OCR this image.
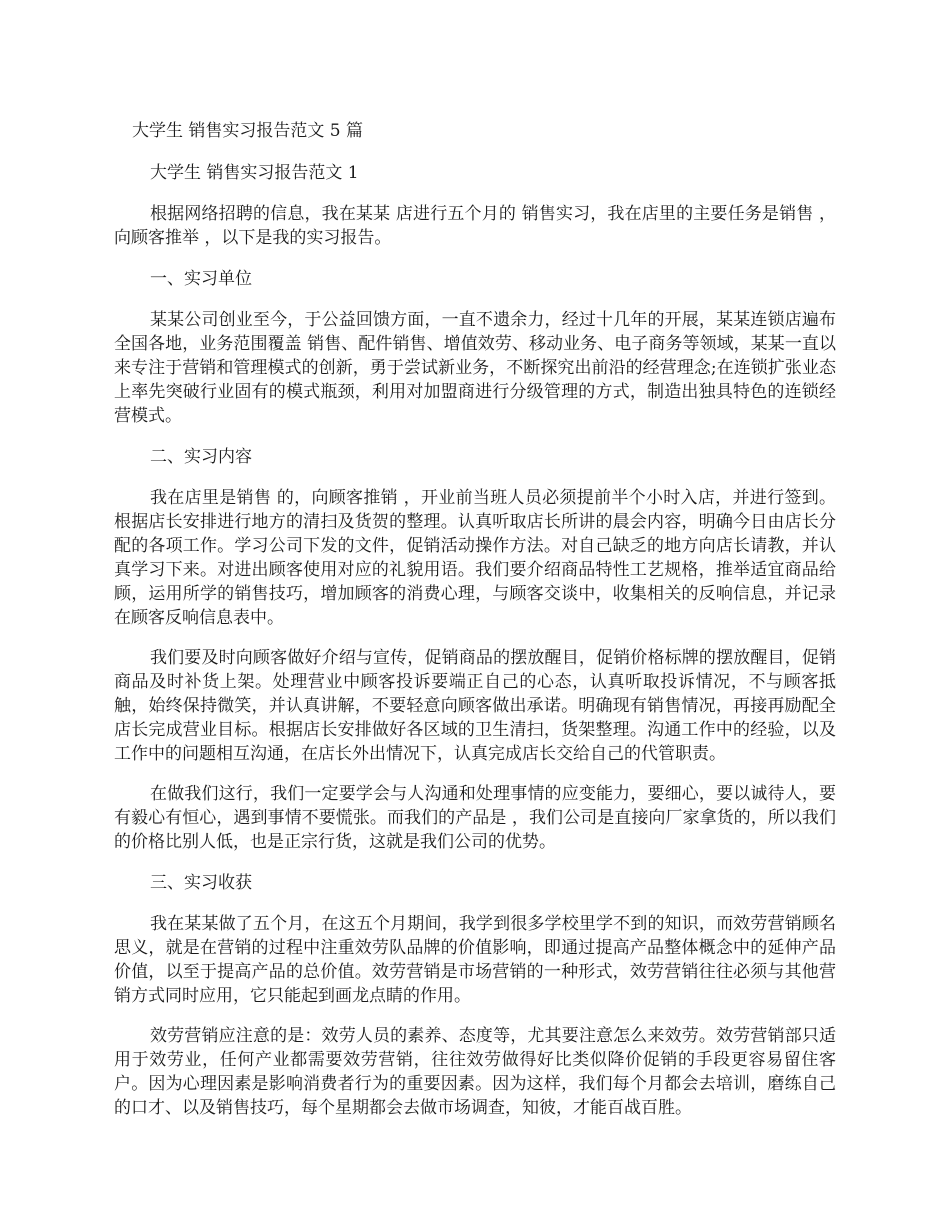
大学生 销售实习报告范文 5 篇
大学生 销售实习报告范文 1

根据网络招聘的信息，我在某某 店进行五个月的 销售实习，我在店里的主要任务是销售 ，向顾客推举 ，以下是我的实习报告。

一、实习单位

某某公司创业至今，于公益回馈方面，一直不遗余力，经过十几年的开展，某某连锁店遍布全国各地，业务范围覆盖 销售、配件销售、增值效劳、移动业务、电子商务等领域，某某一直以来专注于营销和管理模式的创新，勇于尝试新业务，不断探究出前沿的经营理念;在连锁扩张业态上率先突破行业固有的模式瓶颈，利用对加盟商进行分级管理的方式，制造出独具特色的连锁经营模式。

二、实习内容

我在店里是销售 的，向顾客推销 ，开业前当班人员必须提前半个小时入店，并进行签到。根据店长安排进行地方的清扫及货贺的整理。认真听取店长所讲的晨会内容，明确今日由店长分配的各项工作。学习公司下发的文件，促销活动操作方法。对自己缺乏的地方向店长请教，并认真学习下来。对进出顾客使用对应的礼貌用语。我们要介绍商品特性工艺规格，推举适宜商品给顾，运用所学的销售技巧，增加顾客的消费心理，与顾客交谈中，收集相关的反响信息，并记录在顾客反响信息表中。

我们要及时向顾客做好介绍与宣传，促销商品的摆放醒目，促销价格标牌的摆放醒目，促销商品及时补货上架。处理营业中顾客投诉要端正自己的心态，认真听取投诉情况，不与顾客抵触，始终保持微笑，并认真讲解，不要轻意向顾客做出承诺。明确现有销售情况，再接再励配全店长完成营业目标。根据店长安排做好各区域的卫生清扫，货架整理。沟通工作中的经验，以及工作中的问题相互沟通，在店长外出情况下，认真完成店长交给自己的代管职责。

在做我们这行，我们一定要学会与人沟通和处理事情的应变能力，要细心，要以诚待人，要有毅心有恒心，遇到事情不要慌张。而我们的产品是 ，我们公司是直接向厂家拿货的，所以我们的价格比别人低，也是正宗行货，这就是我们公司的优势。

三、实习收获

我在某某做了五个月，在这五个月期间，我学到很多学校里学不到的知识，而效劳营销顾名思义，就是在营销的过程中注重效劳队品牌的价值影响，即通过提高产品整体概念中的延伸产品价值，以至于提高产品的总价值。效劳营销是市场营销的一种形式，效劳营销往往必须与其他营销方式同时应用，它只能起到画龙点睛的作用。

效劳营销应注意的是：效劳人员的素养、态度等，尤其要注意怎么来效劳。效劳营销部只适用于效劳业，任何产业都需要效劳营销，往往效劳做得好比类似降价促销的手段更容易留住客户。因为心理因素是影响消费者行为的重要因素。因为这样，我们每个月都会去培训，磨练自己的口才、以及销售技巧，每个星期都会去做市场调查，知彼，才能百战百胜。
